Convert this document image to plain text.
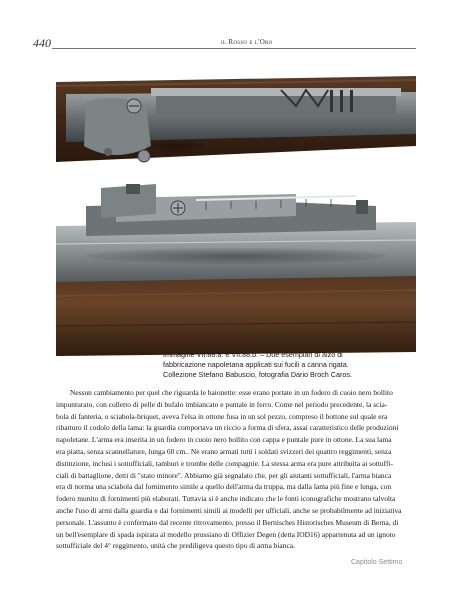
440	il Rosso e l'Oro
Immagine VII.88.a. e VII.88.b. – Due esemplari di alzo di
fabbricazione napoletana applicati sui fucili a canna rigata.
Collezione Stefano Babuscio, fotografia Dario Broch Caros.
Nessun cambiamento per quel che riguarda le baionette: esse erano portate in un fodero di cuoio nero bollito
impunturato, con colletto di pelle di bufalo imbiancato e puntale in ferro. Come nel periodo precedente, la scia-
bola di fanteria, o sciabola-briquet, aveva l'elsa in ottone fusa in un sol pezzo, compreso il bottone sul quale era
ribatturo il codolo della lama: la guardia comportava un riccio a forma di sfera, assai caratteristico delle produzioni
napoletane. L'arma era inserita in un fodero in cuoio nero bollito con cappa e puntale pure in ottone. La sua lama
era piatta, senza scannellature, lunga 60 cm.. Ne erano armati tutti i soldati svizzeri dei quattro reggimenti, senza
distinzione, inclusi i sottufficiali, tamburi e trombe delle compagnie. La stessa arma era pure attribuita ai sottuffi-
ciali di battaglione, detti di "stato minore". Abbiamo già segnalato che, per gli aiutanti sottufficiali, l'arma bianca
era di norma una sciabola dal fornimento simile a quello dell'arma da truppa, ma dalla lama più fine e lunga, con
fodero munito di fornimenti più elaborati. Tuttavia si è anche indicato che le fonti iconografiche mostrano talvolta
anche l'uso di armi dalla guardia e dai fornimenti simili ai modelli per ufficiali, anche se probabilmente ad iniziativa
personale. L'assunto è confermato dal recente ritrovamento, presso il Bernisches Historisches Museum di Berna, di
un bell'esemplare di spada ispirata al modello prussiano di Offizier Degen (detta IOD16) appartenuta ad un ignoto
sottufficiale del 4° reggimento, unità che prediligeva questo tipo di arma bianca.
Capitolo Settimo
